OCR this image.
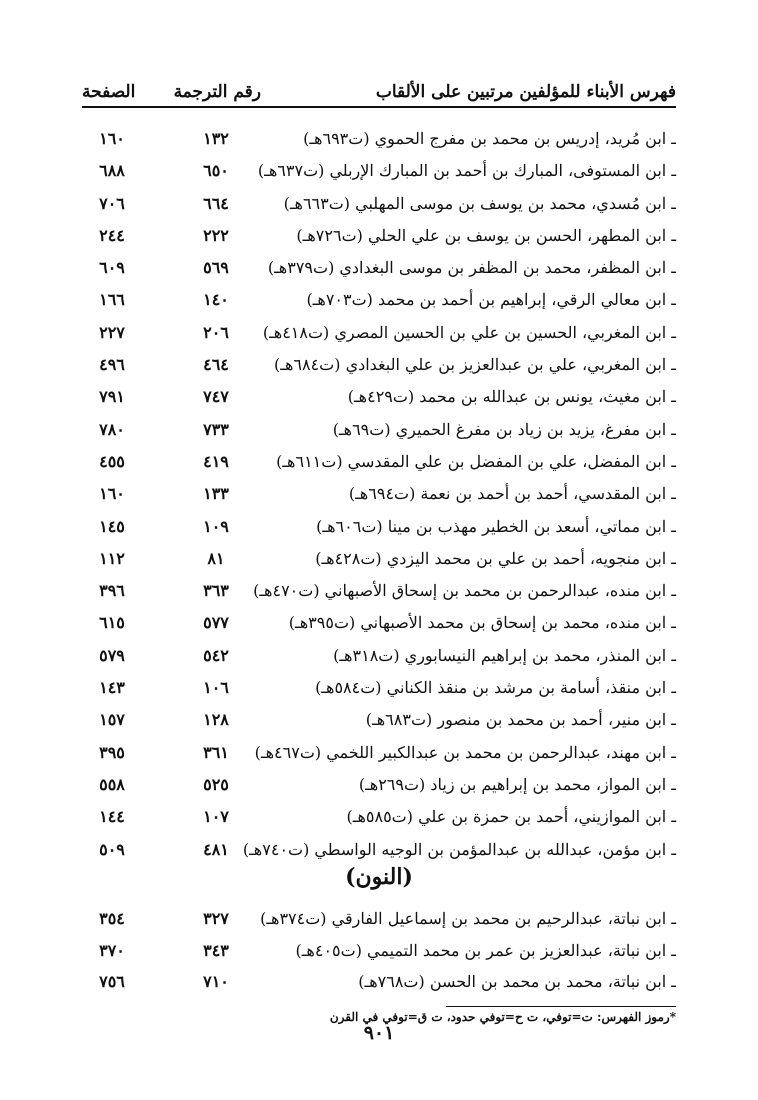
فهرس الأبناء للمؤلفين مرتبين على الألقاب
رقم الترجمة
الصفحة
ـ ابن مُريد، إدريس بن محمد بن مفرج الحموي (ت٦٩٣هـ)
١٣٢
١٦٠
ـ ابن المستوفى، المبارك بن أحمد بن المبارك الإربلي (ت٦٣٧هـ)
٦٥٠
٦٨٨
ـ ابن مُسدي، محمد بن يوسف بن موسى المهلبي (ت٦٦٣هـ)
٦٦٤
٧٠٦
ـ ابن المطهر، الحسن بن يوسف بن علي الحلي (ت٧٢٦هـ)
٢٢٢
٢٤٤
ـ ابن المظفر، محمد بن المظفر بن موسى البغدادي (ت٣٧٩هـ)
٥٦٩
٦٠٩
ـ ابن معالي الرقي، إبراهيم بن أحمد بن محمد (ت٧٠٣هـ)
١٤٠
١٦٦
ـ ابن المغربي، الحسين بن علي بن الحسين المصري (ت٤١٨هـ)
٢٠٦
٢٢٧
ـ ابن المغربي، علي بن عبدالعزيز بن علي البغدادي (ت٦٨٤هـ)
٤٦٤
٤٩٦
ـ ابن مغيث، يونس بن عبدالله بن محمد (ت٤٢٩هـ)
٧٤٧
٧٩١
ـ ابن مفرغ، يزيد بن زياد بن مفرغ الحميري (ت٦٩هـ)
٧٣٣
٧٨٠
ـ ابن المفضل، علي بن المفضل بن علي المقدسي (ت٦١١هـ)
٤١٩
٤٥٥
ـ ابن المقدسي، أحمد بن أحمد بن نعمة (ت٦٩٤هـ)
١٣٣
١٦٠
ـ ابن مماتي، أسعد بن الخطير مهذب بن مينا (ت٦٠٦هـ)
١٠٩
١٤٥
ـ ابن منجويه، أحمد بن علي بن محمد اليزدي (ت٤٢٨هـ)
٨١
١١٢
ـ ابن منده، عبدالرحمن بن محمد بن إسحاق الأصبهاني (ت٤٧٠هـ)
٣٦٣
٣٩٦
ـ ابن منده، محمد بن إسحاق بن محمد الأصبهاني (ت٣٩٥هـ)
٥٧٧
٦١٥
ـ ابن المنذر، محمد بن إبراهيم النيسابوري (ت٣١٨هـ)
٥٤٢
٥٧٩
ـ ابن منقذ، أسامة بن مرشد بن منقذ الكناني (ت٥٨٤هـ)
١٠٦
١٤٣
ـ ابن منير، أحمد بن محمد بن منصور (ت٦٨٣هـ)
١٢٨
١٥٧
ـ ابن مهند، عبدالرحمن بن محمد بن عبدالكبير اللخمي (ت٤٦٧هـ)
٣٦١
٣٩٥
ـ ابن المواز، محمد بن إبراهيم بن زياد (ت٢٦٩هـ)
٥٢٥
٥٥٨
ـ ابن الموازيني، أحمد بن حمزة بن علي (ت٥٨٥هـ)
١٠٧
١٤٤
ـ ابن مؤمن، عبدالله بن عبدالمؤمن بن الوجيه الواسطي (ت٧٤٠هـ)
٤٨١
٥٠٩
(النون)
ـ ابن نباتة، عبدالرحيم بن محمد بن إسماعيل الفارقي (ت٣٧٤هـ)
٣٢٧
٣٥٤
ـ ابن نباتة، عبدالعزيز بن عمر بن محمد التميمي (ت٤٠٥هـ)
٣٤٣
٣٧٠
ـ ابن نباتة، محمد بن محمد بن الحسن (ت٧٦٨هـ)
٧١٠
٧٥٦
*رموز الفهرس: ت=توفي، ت ح=توفي حدود، ت ق=توفي في القرن
٩٠١
